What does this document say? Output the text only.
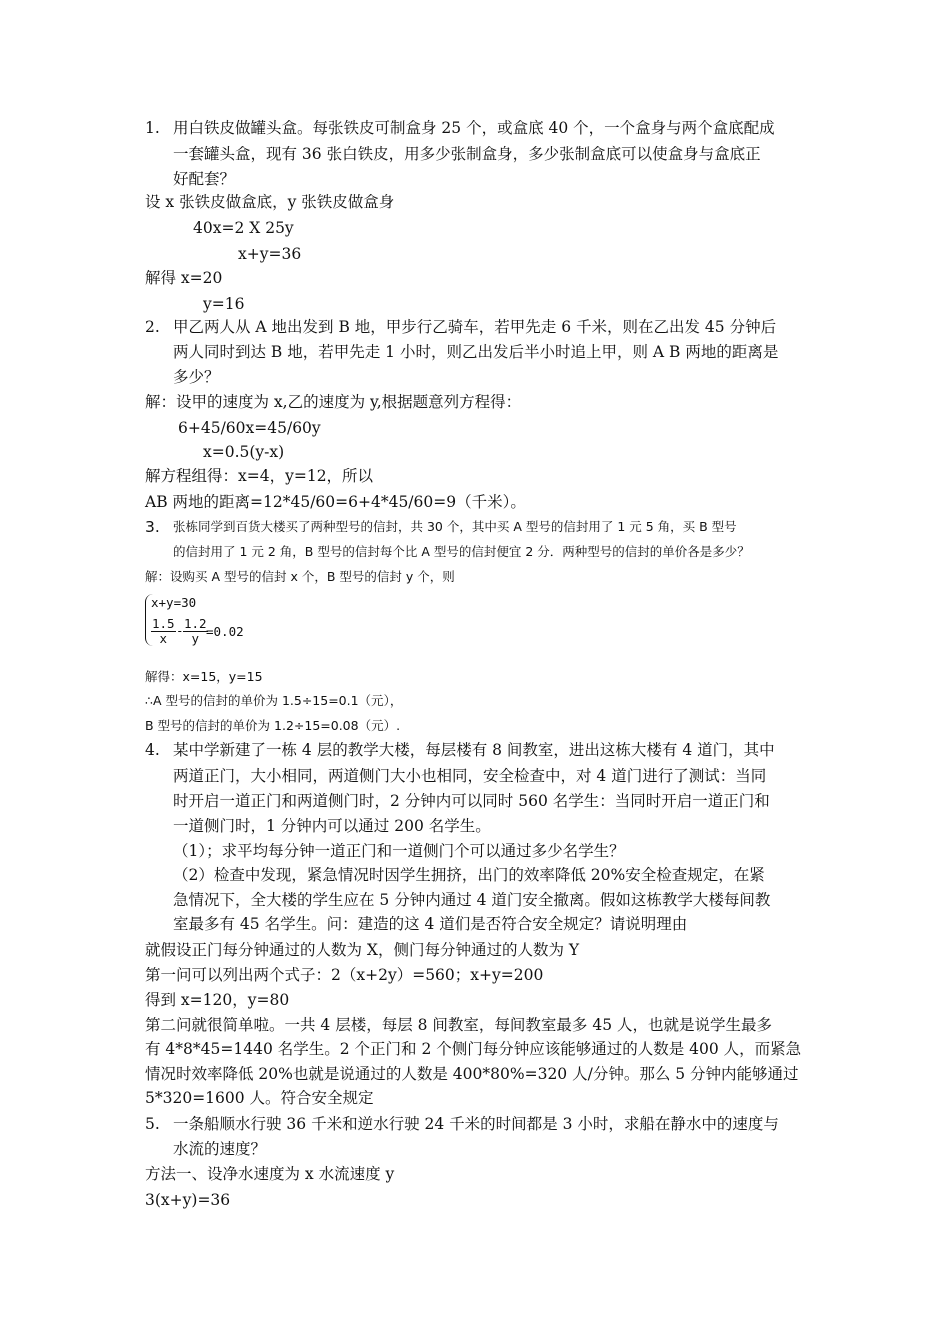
1. 用白铁皮做罐头盒。每张铁皮可制盒身 25 个，或盒底 40 个，一个盒身与两个盒底配成
一套罐头盒，现有 36 张白铁皮，用多少张制盒身，多少张制盒底可以使盒身与盒底正
好配套？
设 x 张铁皮做盒底，y 张铁皮做盒身
40x=2 X 25y
x+y=36
解得 x=20
y=16
2. 甲乙两人从 A 地出发到 B 地，甲步行乙骑车，若甲先走 6 千米，则在乙出发 45 分钟后
两人同时到达 B 地，若甲先走 1 小时，则乙出发后半小时追上甲，则 A B 两地的距离是
多少？
解：设甲的速度为 x,乙的速度为 y,根据题意列方程得：
6+45/60x=45/60y
x=0.5(y-x)
解方程组得：x=4，y=12，所以
AB 两地的距离=12*45/60=6+4*45/60=9（千米）。
3. 张栋同学到百货大楼买了两种型号的信封，共 30 个，其中买 A 型号的信封用了 1 元 5 角，买 B 型号
的信封用了 1 元 2 角，B 型号的信封每个比 A 型号的信封便宜 2 分．两种型号的信封的单价各是多少？
解：设购买 A 型号的信封 x 个，B 型号的信封 y 个，则
x+y=30
$\frac{1.5}{x} - \frac{1.2}{y}$
=0.02
解得：x=15，y=15
∴A 型号的信封的单价为 1.5÷15=0.1（元），
B 型号的信封的单价为 1.2÷15=0.08（元）.
4. 某中学新建了一栋 4 层的教学大楼，每层楼有 8 间教室，进出这栋大楼有 4 道门，其中
两道正门，大小相同，两道侧门大小也相同，安全检查中，对 4 道门进行了测试：当同
时开启一道正门和两道侧门时，2 分钟内可以同时 560 名学生：当同时开启一道正门和
一道侧门时，1 分钟内可以通过 200 名学生。
（1）；求平均每分钟一道正门和一道侧门个可以通过多少名学生？
（2）检查中发现，紧急情况时因学生拥挤，出门的效率降低 20%安全检查规定，在紧
急情况下，全大楼的学生应在 5 分钟内通过 4 道门安全撤离。假如这栋教学大楼每间教
室最多有 45 名学生。问：建造的这 4 道们是否符合安全规定？请说明理由
就假设正门每分钟通过的人数为 X，侧门每分钟通过的人数为 Y
第一问可以列出两个式子：2（x+2y）=560；x+y=200
得到 x=120，y=80
第二问就很简单啦。一共 4 层楼，每层 8 间教室，每间教室最多 45 人，也就是说学生最多
有 4*8*45=1440 名学生。2 个正门和 2 个侧门每分钟应该能够通过的人数是 400 人，而紧急
情况时效率降低 20%也就是说通过的人数是 400*80%=320 人/分钟。那么 5 分钟内能够通过
5*320=1600 人。符合安全规定
5. 一条船顺水行驶 36 千米和逆水行驶 24 千米的时间都是 3 小时，求船在静水中的速度与
水流的速度？
方法一、设净水速度为 x 水流速度 y
3(x+y)=36
